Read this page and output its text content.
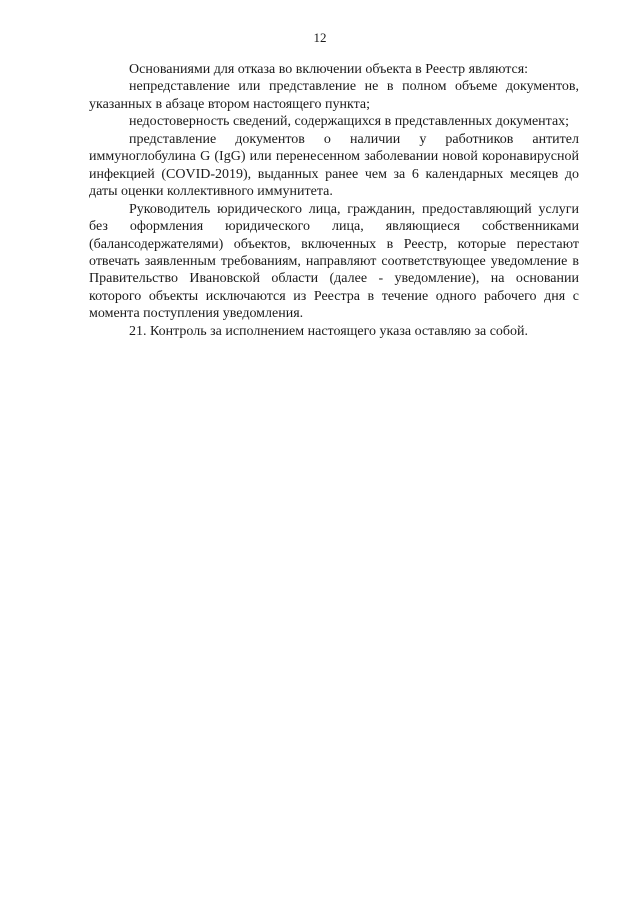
12

Основаниями для отказа во включении объекта в Реестр являются:

непредставление или представление не в полном объеме документов, указанных в абзаце втором настоящего пункта;

недостоверность сведений, содержащихся в представленных документах;

представление документов о наличии у работников антител иммуноглобулина G (IgG) или перенесенном заболевании новой коронавирусной инфекцией (COVID-2019), выданных ранее чем за 6 календарных месяцев до даты оценки коллективного иммунитета.

Руководитель юридического лица, гражданин, предоставляющий услуги без оформления юридического лица, являющиеся собственниками (балансодержателями) объектов, включенных в Реестр, которые перестают отвечать заявленным требованиям, направляют соответствующее уведомление в Правительство Ивановской области (далее - уведомление), на основании которого объекты исключаются из Реестра в течение одного рабочего дня с момента поступления уведомления.

21. Контроль за исполнением настоящего указа оставляю за собой.
